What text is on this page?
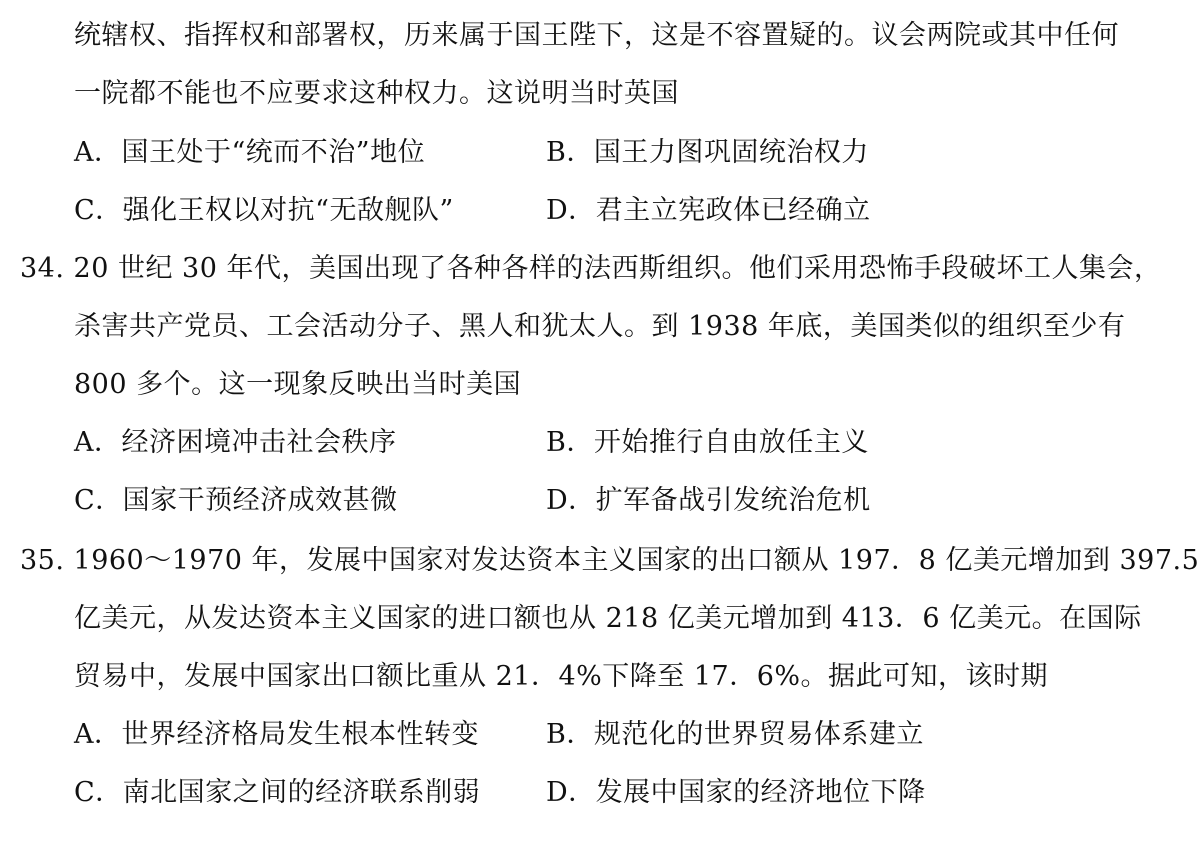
统辖权、指挥权和部署权，历来属于国王陛下，这是不容置疑的。议会两院或其中任何
一院都不能也不应要求这种权力。这说明当时英国
A．国王处于“统而不治”地位	B．国王力图巩固统治权力
C．强化王权以对抗“无敌舰队”	D．君主立宪政体已经确立
34. 20 世纪 30 年代，美国出现了各种各样的法西斯组织。他们采用恐怖手段破坏工人集会，
杀害共产党员、工会活动分子、黑人和犹太人。到 1938 年底，美国类似的组织至少有
800 多个。这一现象反映出当时美国
A．经济困境冲击社会秩序	B．开始推行自由放任主义
C．国家干预经济成效甚微	D．扩军备战引发统治危机
35. 1960～1970 年，发展中国家对发达资本主义国家的出口额从 197．8 亿美元增加到 397.5
亿美元，从发达资本主义国家的进口额也从 218 亿美元增加到 413．6 亿美元。在国际
贸易中，发展中国家出口额比重从 21．4%下降至 17．6%。据此可知，该时期
A．世界经济格局发生根本性转变 B．规范化的世界贸易体系建立
C．南北国家之间的经济联系削弱 D．发展中国家的经济地位下降
